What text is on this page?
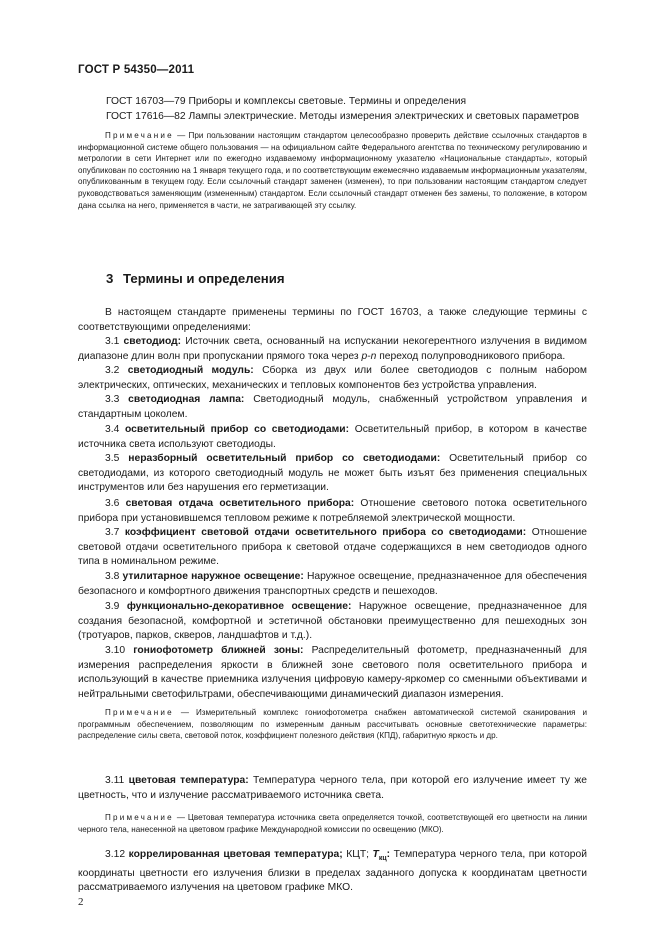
ГОСТ Р 54350—2011

ГОСТ 16703—79 Приборы и комплексы световые. Термины и определения

ГОСТ 17616—82 Лампы электрические. Методы измерения электрических и световых параметров

Примечание — При пользовании настоящим стандартом целесообразно проверить действие ссылочных стандартов в информационной системе общего пользования — на официальном сайте Федерального агентства по техническому регулированию и метрологии в сети Интернет или по ежегодно издаваемому информационному указателю «Национальные стандарты», который опубликован по состоянию на 1 января текущего года, и по соответствующим ежемесячно издаваемым информационным указателям, опубликованным в текущем году. Если ссылочный стандарт заменен (изменен), то при пользовании настоящим стандартом следует руководствоваться заменяющим (измененным) стандартом. Если ссылочный стандарт отменен без замены, то положение, в котором дана ссылка на него, применяется в части, не затрагивающей эту ссылку.

3 Термины и определения

В настоящем стандарте применены термины по ГОСТ 16703, а также следующие термины с соответствующими определениями:

3.1 светодиод: Источник света, основанный на испускании некогерентного излучения в видимом диапазоне длин волн при пропускании прямого тока через p-n переход полупроводникового прибора.

3.2 светодиодный модуль: Сборка из двух или более светодиодов с полным набором электрических, оптических, механических и тепловых компонентов без устройства управления.

3.3 светодиодная лампа: Светодиодный модуль, снабженный устройством управления и стандартным цоколем.

3.4 осветительный прибор со светодиодами: Осветительный прибор, в котором в качестве источника света используют светодиоды.

3.5 неразборный осветительный прибор со светодиодами: Осветительный прибор со светодиодами, из которого светодиодный модуль не может быть изъят без применения специальных инструментов или без нарушения его герметизации.

3.6 световая отдача осветительного прибора: Отношение светового потока осветительного прибора при установившемся тепловом режиме к потребляемой электрической мощности.

3.7 коэффициент световой отдачи осветительного прибора со светодиодами: Отношение световой отдачи осветительного прибора к световой отдаче содержащихся в нем светодиодов одного типа в номинальном режиме.

3.8 утилитарное наружное освещение: Наружное освещение, предназначенное для обеспечения безопасного и комфортного движения транспортных средств и пешеходов.

3.9 функционально-декоративное освещение: Наружное освещение, предназначенное для создания безопасной, комфортной и эстетичной обстановки преимущественно для пешеходных зон (тротуаров, парков, скверов, ландшафтов и т.д.).

3.10 гониофотометр ближней зоны: Распределительный фотометр, предназначенный для измерения распределения яркости в ближней зоне светового поля осветительного прибора и использующий в качестве приемника излучения цифровую камеру-яркомер со сменными объективами и нейтральными светофильтрами, обеспечивающими динамический диапазон измерения.

Примечание — Измерительный комплекс гониофотометра снабжен автоматической системой сканирования и программным обеспечением, позволяющим по измеренным данным рассчитывать основные светотехнические параметры: распределение силы света, световой поток, коэффициент полезного действия (КПД), габаритную яркость и др.

3.11 цветовая температура: Температура черного тела, при которой его излучение имеет ту же цветность, что и излучение рассматриваемого источника света.

Примечание — Цветовая температура источника света определяется точкой, соответствующей его цветности на линии черного тела, нанесенной на цветовом графике Международной комиссии по освещению (МКО).

3.12 коррелированная цветовая температура; КЦТ; $T_{кц}$: Температура черного тела, при которой координаты цветности его излучения близки в пределах заданного допуска к координатам цветности рассматриваемого излучения на цветовом графике МКО.

2
